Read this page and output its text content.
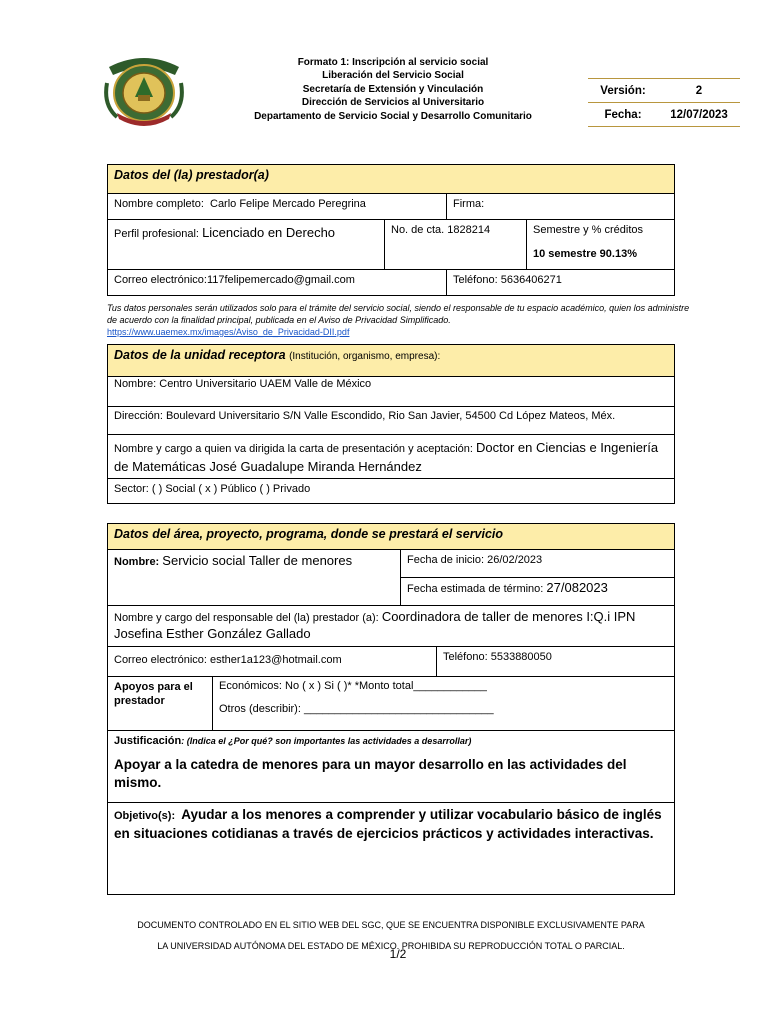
Formato 1: Inscripción al servicio social
Liberación del Servicio Social
Secretaría de Extensión y Vinculación
Dirección de Servicios al Universitario
Departamento de Servicio Social y Desarrollo Comunitario
Versión:	2
Fecha:	12/07/2023
Datos del (la) prestador(a)
Nombre completo: Carlo Felipe Mercado Peregrina	Firma:
Perfil profesional: Licenciado en Derecho	No. de cta. 1828214	Semestre y % créditos
10 semestre 90.13%
Correo electrónico:117felipemercado@gmail.com	Teléfono: 5636406271
Tus datos personales serán utilizados solo para el trámite del servicio social, siendo el responsable de tu espacio académico, quien los administre de acuerdo con la finalidad principal, publicada en el Aviso de Privacidad Simplificado.
https://www.uaemex.mx/images/Aviso_de_Privacidad-DII.pdf
Datos de la unidad receptora (Institución, organismo, empresa):
Nombre: Centro Universitario UAEM Valle de México
Dirección: Boulevard Universitario S/N Valle Escondido, Rio San Javier, 54500 Cd López Mateos, Méx.
Nombre y cargo a quien va dirigida la carta de presentación y aceptación: Doctor en Ciencias e Ingeniería
de Matemáticas José Guadalupe Miranda Hernández
Sector: ( ) Social ( x ) Público ( ) Privado
Datos del área, proyecto, programa, donde se prestará el servicio
Nombre: Servicio social Taller de menores	Fecha de inicio: 26/02/2023
Fecha estimada de término: 27/082023
Nombre y cargo del responsable del (la) prestador (a): Coordinadora de taller de menores I:Q.i IPN
Josefina Esther González Gallado
Correo electrónico: esther1a123@hotmail.com	Teléfono: 5533880050
Apoyos para el prestador
Económicos: No ( x ) Si ( )* *Monto total____________
Otros (describir): _______________________________
Justificación: (Indica el ¿Por qué? son importantes las actividades a desarrollar)
Apoyar a la catedra de menores para un mayor desarrollo en las actividades del mismo.
Objetivo(s): Ayudar a los menores a comprender y utilizar vocabulario básico de inglés en situaciones cotidianas a través de ejercicios prácticos y actividades interactivas.
DOCUMENTO CONTROLADO EN EL SITIO WEB DEL SGC, QUE SE ENCUENTRA DISPONIBLE EXCLUSIVAMENTE PARA
LA UNIVERSIDAD AUTÓNOMA DEL ESTADO DE MÉXICO. PROHIBIDA SU REPRODUCCIÓN TOTAL O PARCIAL.
1/2
